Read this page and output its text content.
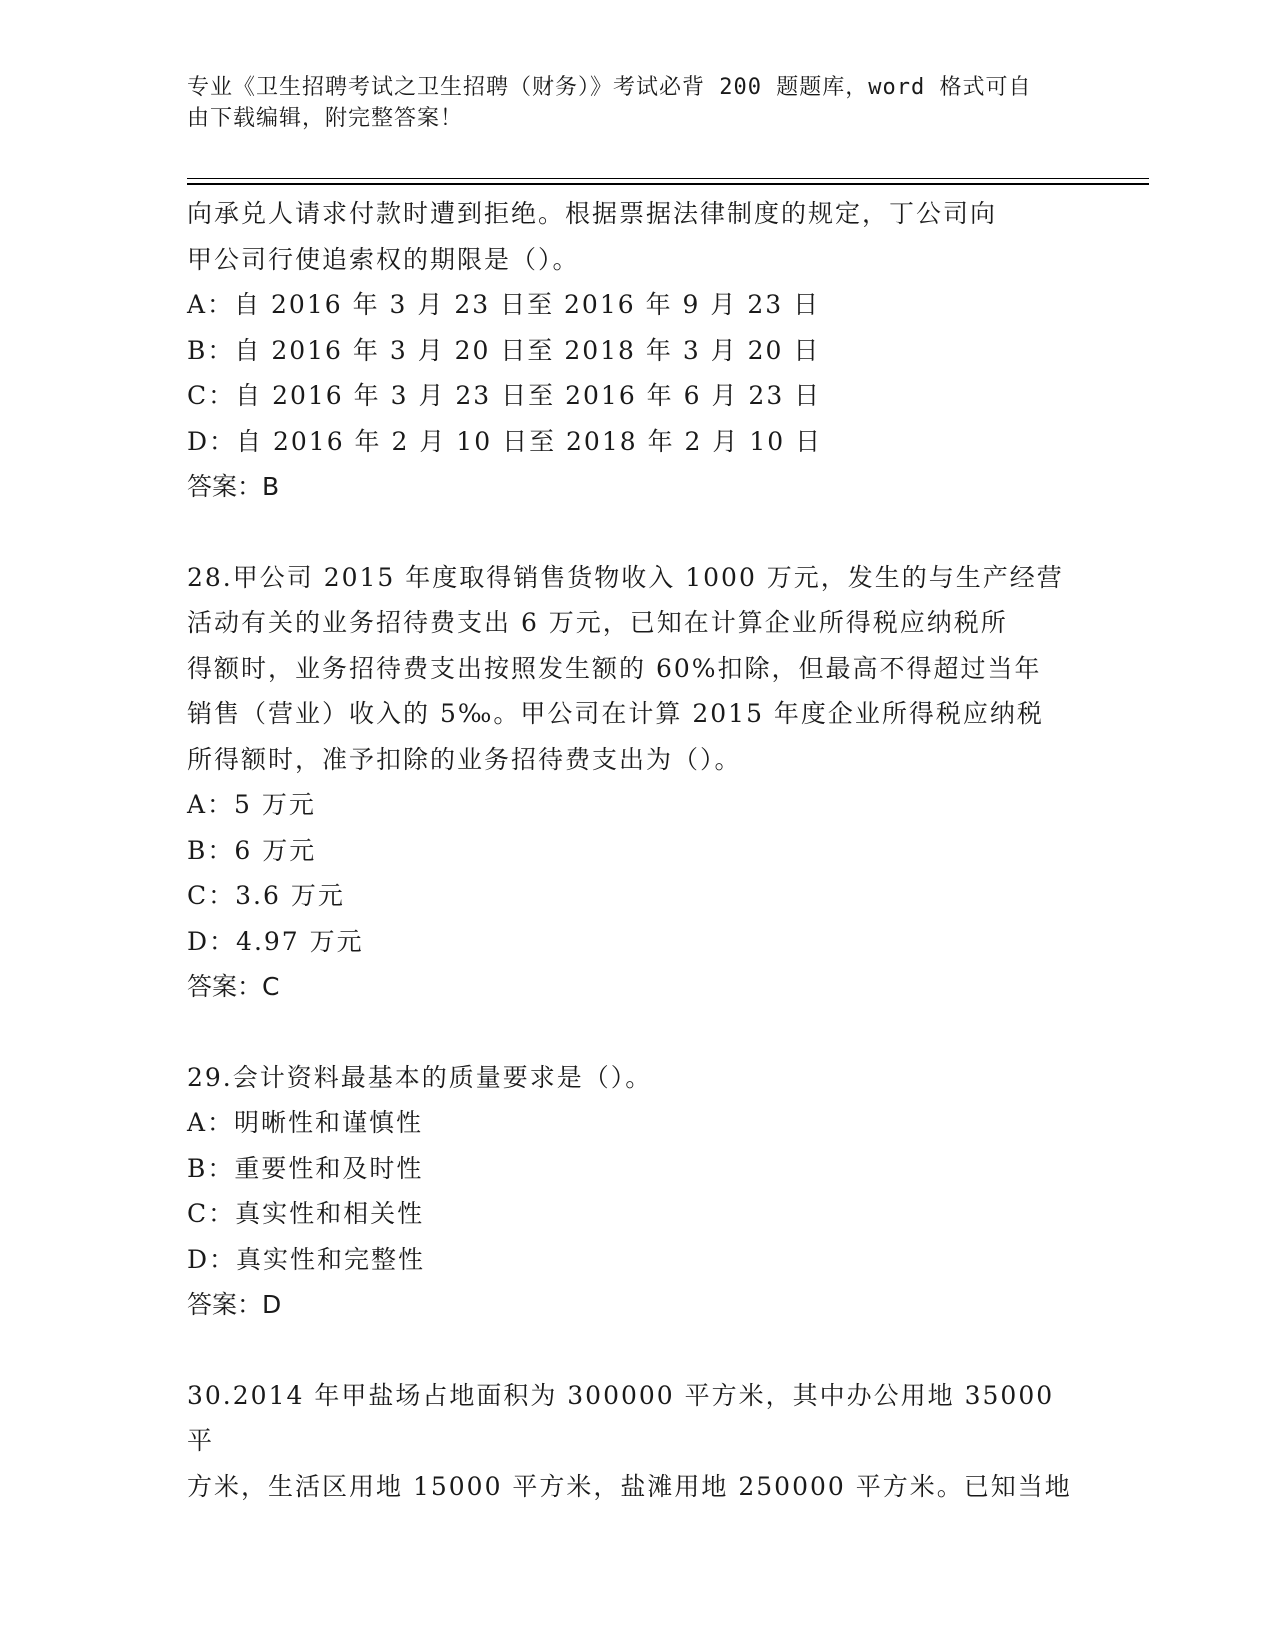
专业《卫生招聘考试之卫生招聘（财务）》考试必背 200 题题库，word 格式可自
由下载编辑，附完整答案！

向承兑人请求付款时遭到拒绝。根据票据法律制度的规定，丁公司向

甲公司行使追索权的期限是（）。

A：自 2016 年 3 月 23 日至 2016 年 9 月 23 日

B：自 2016 年 3 月 20 日至 2018 年 3 月 20 日

C：自 2016 年 3 月 23 日至 2016 年 6 月 23 日

D：自 2016 年 2 月 10 日至 2018 年 2 月 10 日

答案：B

28.甲公司 2015 年度取得销售货物收入 1000 万元，发生的与生产经营

活动有关的业务招待费支出 6 万元，已知在计算企业所得税应纳税所

得额时，业务招待费支出按照发生额的 60%扣除，但最高不得超过当年

销售（营业）收入的 5‰。甲公司在计算 2015 年度企业所得税应纳税

所得额时，准予扣除的业务招待费支出为（）。

A：5 万元

B：6 万元

C：3.6 万元

D：4.97 万元

答案：C

29.会计资料最基本的质量要求是（）。

A：明晰性和谨慎性

B：重要性和及时性

C：真实性和相关性

D：真实性和完整性

答案：D

30.2014 年甲盐场占地面积为 300000 平方米，其中办公用地 35000 平

方米，生活区用地 15000 平方米，盐滩用地 250000 平方米。已知当地
